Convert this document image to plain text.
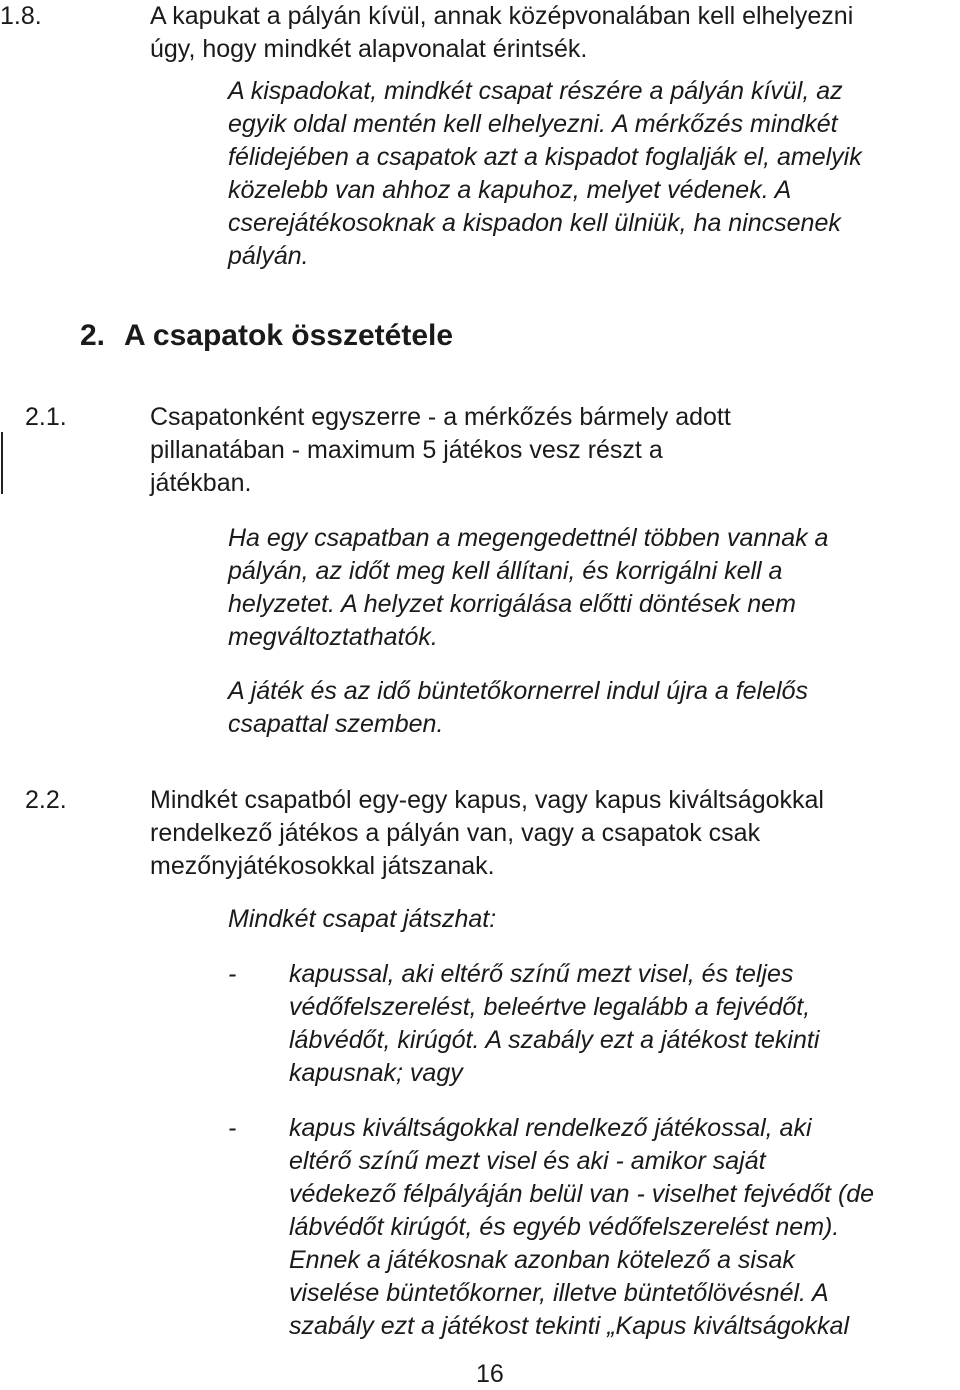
1.8.	A kapukat a pályán kívül, annak középvonalában kell elhelyezni
úgy, hogy mindkét alapvonalat érintsék.
A kispadokat, mindkét csapat részére a pályán kívül, az
egyik oldal mentén kell elhelyezni. A mérkőzés mindkét
félidejében a csapatok azt a kispadot foglalják el, amelyik
közelebb van ahhoz a kapuhoz, melyet védenek. A
cserejátékosoknak a kispadon kell ülniük, ha nincsenek
pályán.
2. A csapatok összetétele
2.1.	Csapatonként egyszerre - a mérkőzés bármely adott
pillanatában - maximum 5 játékos vesz részt a
játékban.
Ha egy csapatban a megengedettnél többen vannak a
pályán, az időt meg kell állítani, és korrigálni kell a
helyzetet. A helyzet korrigálása előtti döntések nem
megváltoztathatók.
A játék és az idő büntetőkornerrel indul újra a felelős
csapattal szemben.
2.2.	Mindkét csapatból egy-egy kapus, vagy kapus kiváltságokkal
rendelkező játékos a pályán van, vagy a csapatok csak
mezőnyjátékosokkal játszanak.
Mindkét csapat játszhat:
- kapussal, aki eltérő színű mezt visel, és teljes
védőfelszerelést, beleértve legalább a fejvédőt,
lábvédőt, kirúgót. A szabály ezt a játékost tekinti
kapusnak; vagy
- kapus kiváltságokkal rendelkező játékossal, aki
eltérő színű mezt visel és aki - amikor saját
védekező félpályáján belül van - viselhet fejvédőt (de
lábvédőt kirúgót, és egyéb védőfelszerelést nem).
Ennek a játékosnak azonban kötelező a sisak
viselése büntetőkorner, illetve büntetőlövésnél. A
szabály ezt a játékost tekinti „Kapus kiváltságokkal
16
